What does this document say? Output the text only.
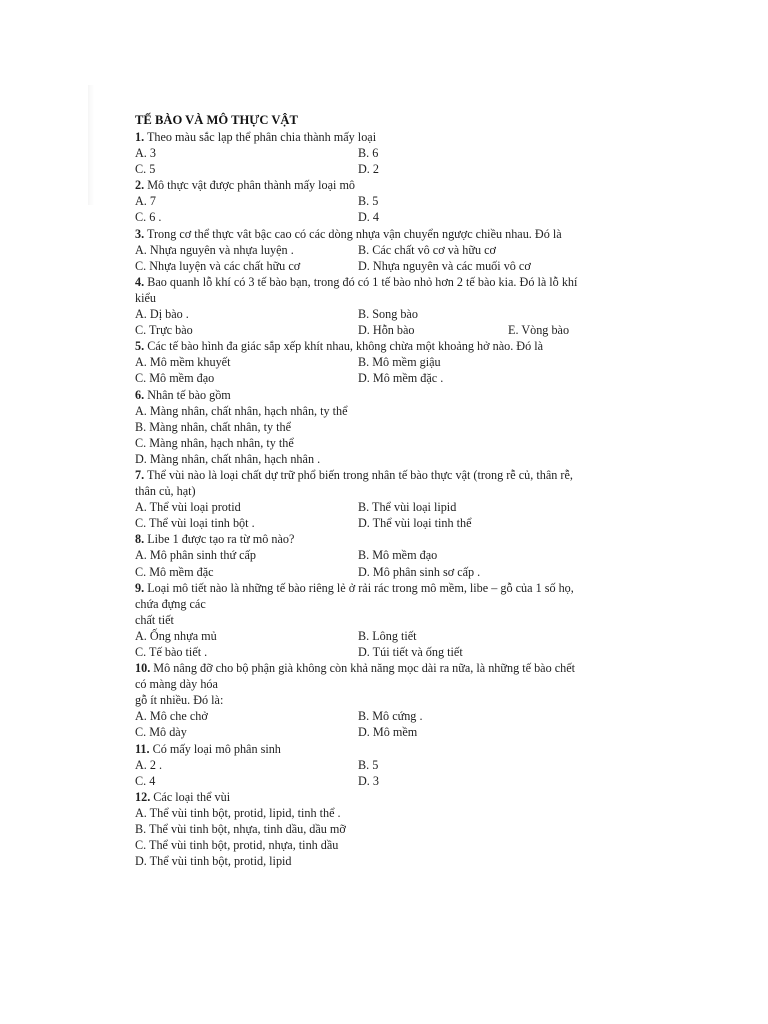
TẾ BÀO VÀ MÔ THỰC VẬT

1. Theo màu sắc lạp thể phân chia thành mấy loại

A. 3	B. 6
C. 5	D. 2

2. Mô thực vật được phân thành mấy loại mô

A. 7	B. 5
C. 6 .	D. 4

3. Trong cơ thể thực vât bậc cao có các dòng nhựa vận chuyển ngược chiều nhau. Đó là

A. Nhựa nguyên và nhựa luyện .	B. Các chất vô cơ và hữu cơ
C. Nhựa luyện và các chất hữu cơ	D. Nhựa nguyên và các muối vô cơ

4. Bao quanh lỗ khí có 3 tế bào bạn, trong đó có 1 tế bào nhỏ hơn 2 tế bào kia. Đó là lỗ khí

kiểu

A. Dị bào .	B. Song bào
C. Trực bào	D. Hỗn bào	E. Vòng bào

5. Các tế bào hình đa giác sắp xếp khít nhau, không chừa một khoảng hở nào. Đó là

A. Mô mềm khuyết	B. Mô mềm giậu
C. Mô mềm đạo	D. Mô mềm đặc .

6. Nhân tế bào gồm

A. Màng nhân, chất nhân, hạch nhân, ty thể
B. Màng nhân, chất nhân, ty thể
C. Màng nhân, hạch nhân, ty thể
D. Màng nhân, chất nhân, hạch nhân .

7. Thể vùi nào là loại chất dự trữ phổ biến trong nhân tế bào thực vật (trong rễ củ, thân rễ,

thân củ, hạt)

A. Thể vùi loại protid	B. Thể vùi loại lipid
C. Thể vùi loại tinh bột .	D. Thể vùi loại tinh thể

8. Libe 1 được tạo ra từ mô nào?

A. Mô phân sinh thứ cấp	B. Mô mềm đạo
C. Mô mềm đặc	D. Mô phân sinh sơ cấp .

9. Loại mô tiết nào là những tế bào riêng lẻ ở rải rác trong mô mềm, libe – gỗ của 1 số họ,

chứa đựng các

chất tiết

A. Ống nhựa mủ	B. Lông tiết
C. Tế bào tiết .	D. Túi tiết và ống tiết

10. Mô nâng đỡ cho bộ phận già không còn khả năng mọc dài ra nữa, là những tế bào chết

có màng dày hóa

gỗ ít nhiều. Đó là:

A. Mô che chở	B. Mô cứng .
C. Mô dày	D. Mô mềm

11. Có mấy loại mô phân sinh

A. 2 .	B. 5
C. 4	D. 3

12. Các loại thể vùi

A. Thể vùi tinh bột, protid, lipid, tinh thể .
B. Thể vùi tinh bột, nhựa, tinh dầu, dầu mỡ
C. Thể vùi tinh bột, protid, nhựa, tinh dầu
D. Thể vùi tinh bột, protid, lipid
